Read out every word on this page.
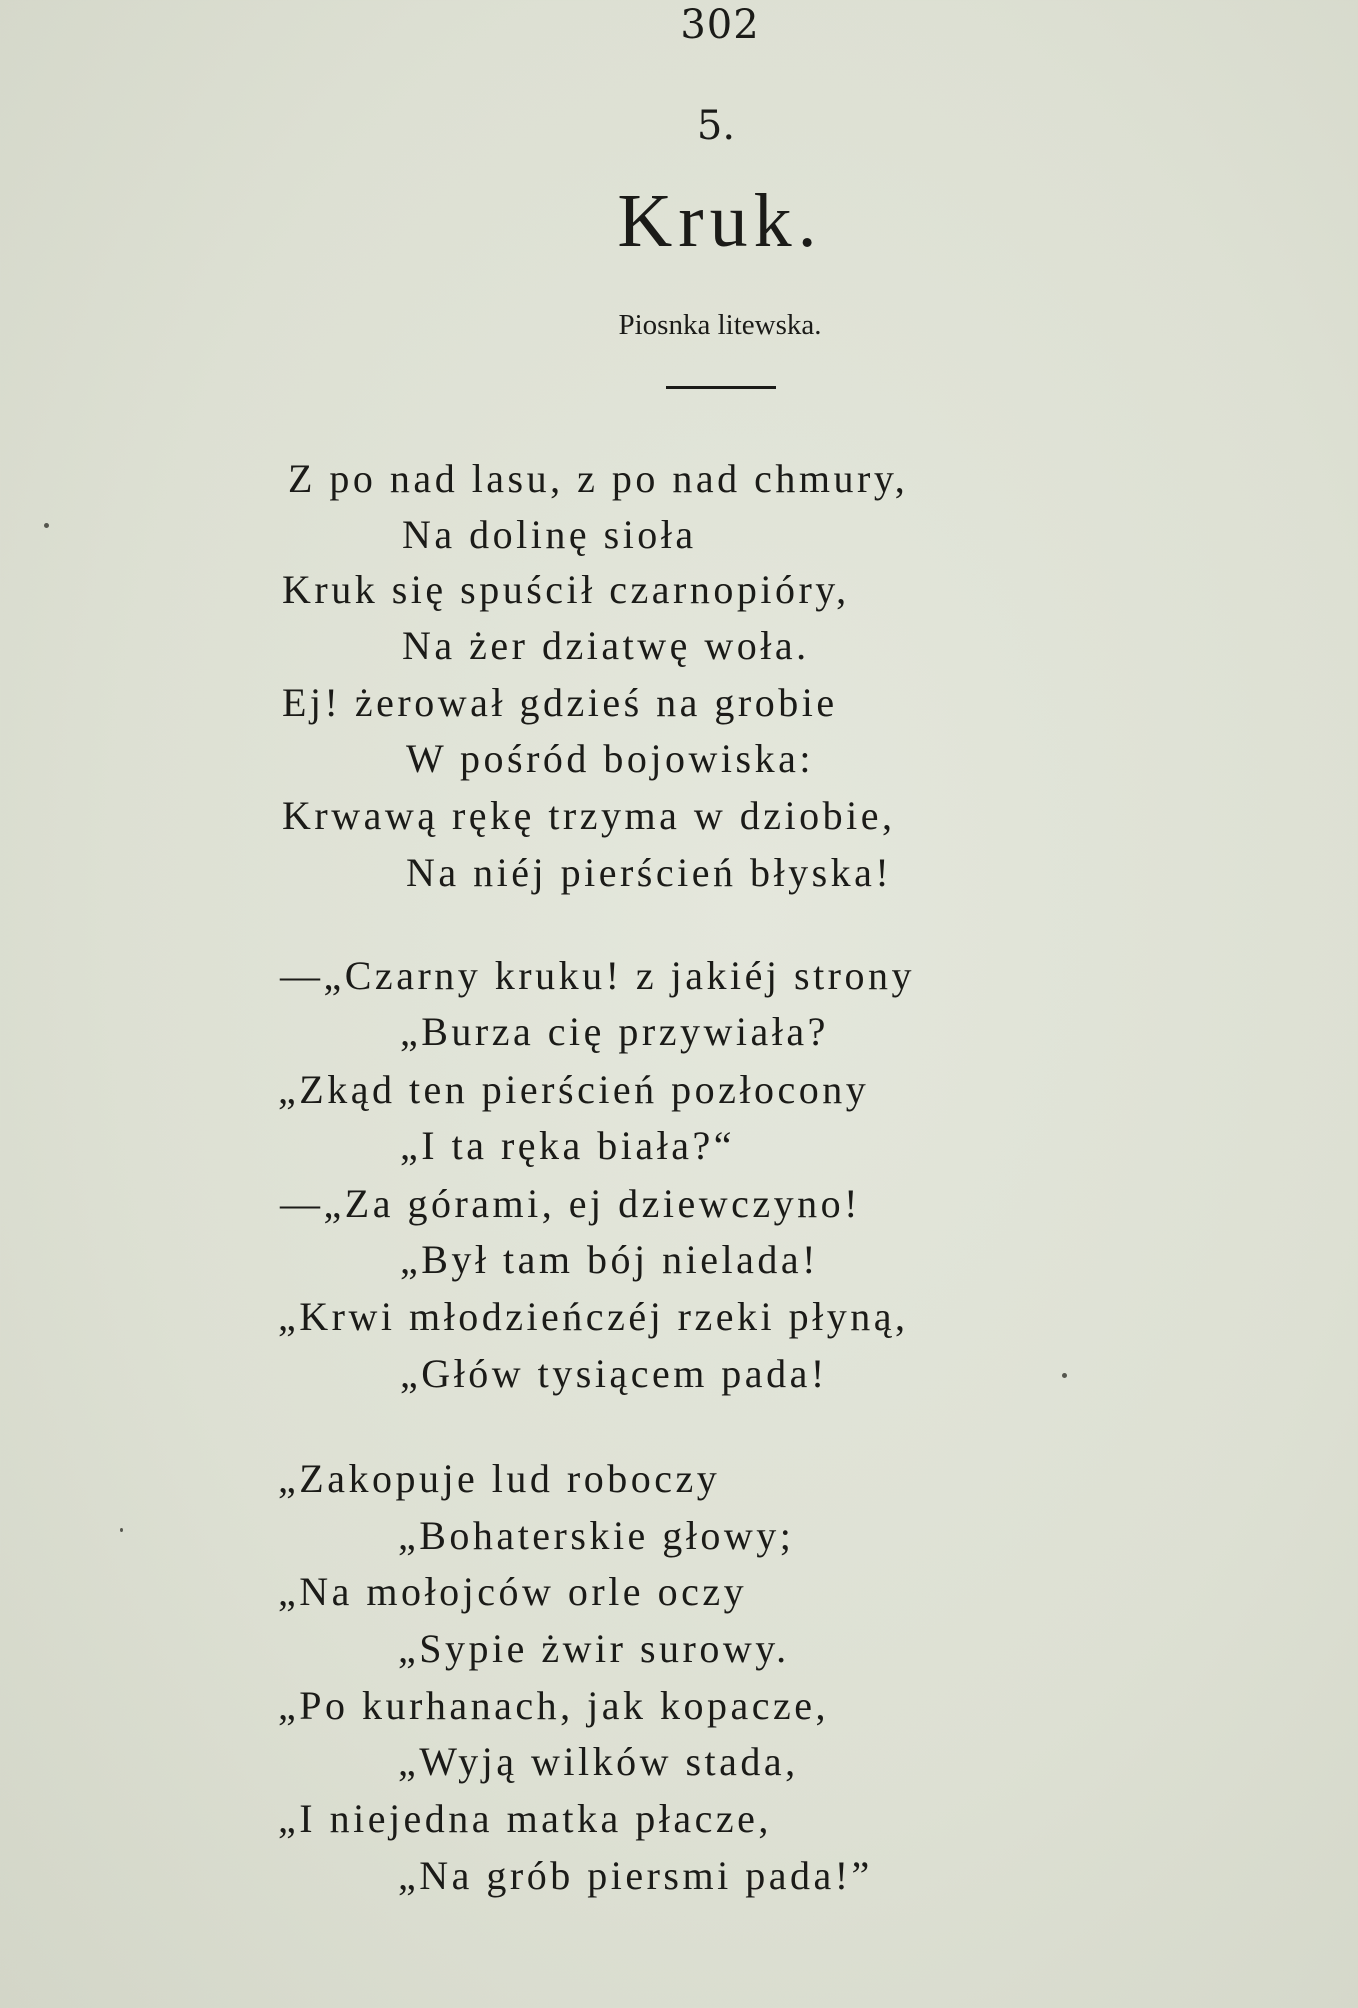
302
5.
Kruk.
Piosnka litewska.
Z po nad lasu, z po nad chmury,
Na dolinę sioła
Kruk się spuścił czarnopióry,
Na żer dziatwę woła.
Ej! żerował gdzieś na grobie
W pośród bojowiska:
Krwawą rękę trzyma w dziobie,
Na niéj pierścień błyska!
—„Czarny kruku! z jakiéj strony
„Burza cię przywiała?
„Zkąd ten pierścień pozłocony
„I ta ręka biała?“
—„Za górami, ej dziewczyno!
„Był tam bój nielada!
„Krwi młodzieńczéj rzeki płyną,
„Głów tysiącem pada!
„Zakopuje lud roboczy
„Bohaterskie głowy;
„Na mołojców orle oczy
„Sypie żwir surowy.
„Po kurhanach, jak kopacze,
„Wyją wilków stada,
„I niejedna matka płacze,
„Na grób piersmi pada!”
